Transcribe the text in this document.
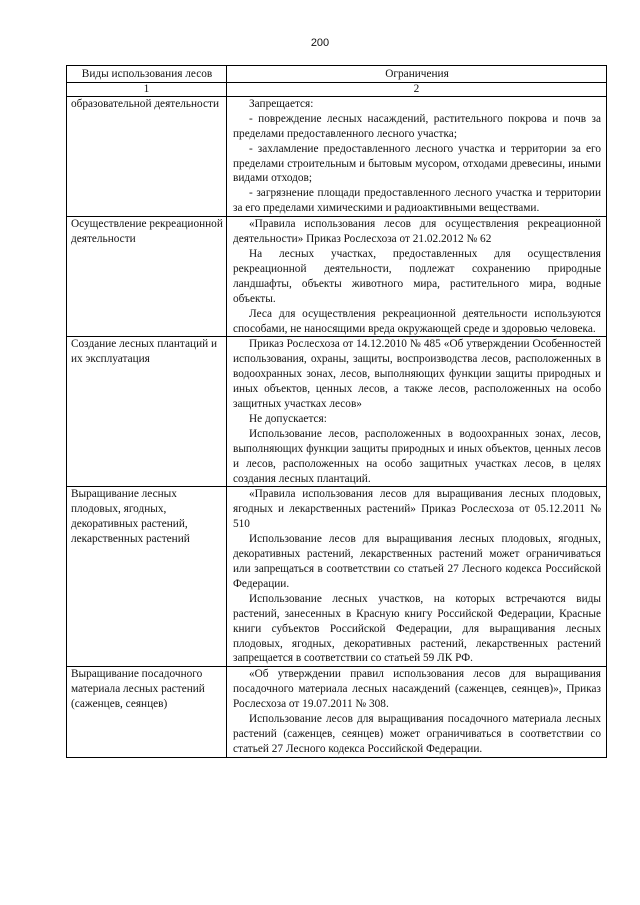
200
Виды использования лесов	Ограничения
1	2
образовательной деятельности	Запрещается:

- повреждение лесных насаждений, растительного покрова и почв за пределами предоставленного лесного участка;

- захламление предоставленного лесного участка и территории за его пределами строительным и бытовым мусором, отходами древесины, иными видами отходов;

- загрязнение площади предоставленного лесного участка и территории за его пределами химическими и радиоактивными веществами.

Осуществление рекреационной деятельности	«Правила использования лесов для осуществления рекреационной деятельности» Приказ Рослесхоза от 21.02.2012 № 62

На лесных участках, предоставленных для осуществления рекреационной деятельности, подлежат сохранению природные ландшафты, объекты животного мира, растительного мира, водные объекты.

Леса для осуществления рекреационной деятельности используются способами, не наносящими вреда окружающей среде и здоровью человека.

Создание лесных плантаций и их эксплуатация	Приказ Рослесхоза от 14.12.2010 № 485 «Об утверждении Особенностей использования, охраны, защиты, воспроизводства лесов, расположенных в водоохранных зонах, лесов, выполняющих функции защиты природных и иных объектов, ценных лесов, а также лесов, расположенных на особо защитных участках лесов»

Не допускается:

Использование лесов, расположенных в водоохранных зонах, лесов, выполняющих функции защиты природных и иных объектов, ценных лесов и лесов, расположенных на особо защитных участках лесов, в целях создания лесных плантаций.

Выращивание лесных плодовых, ягодных, декоративных растений, лекарственных растений	«Правила использования лесов для выращивания лесных плодовых, ягодных и лекарственных растений» Приказ Рослесхоза от 05.12.2011 № 510

Использование лесов для выращивания лесных плодовых, ягодных, декоративных растений, лекарственных растений может ограничиваться или запрещаться в соответствии со статьей 27 Лесного кодекса Российской Федерации.

Использование лесных участков, на которых встречаются виды растений, занесенных в Красную книгу Российской Федерации, Красные книги субъектов Российской Федерации, для выращивания лесных плодовых, ягодных, декоративных растений, лекарственных растений запрещается в соответствии со статьей 59 ЛК РФ.

Выращивание посадочного материала лесных растений (саженцев, сеянцев)	«Об утверждении правил использования лесов для выращивания посадочного материала лесных насаждений (саженцев, сеянцев)», Приказ Рослесхоза от 19.07.2011 № 308.

Использование лесов для выращивания посадочного материала лесных растений (саженцев, сеянцев) может ограничиваться в соответствии со статьей 27 Лесного кодекса Российской Федерации.
